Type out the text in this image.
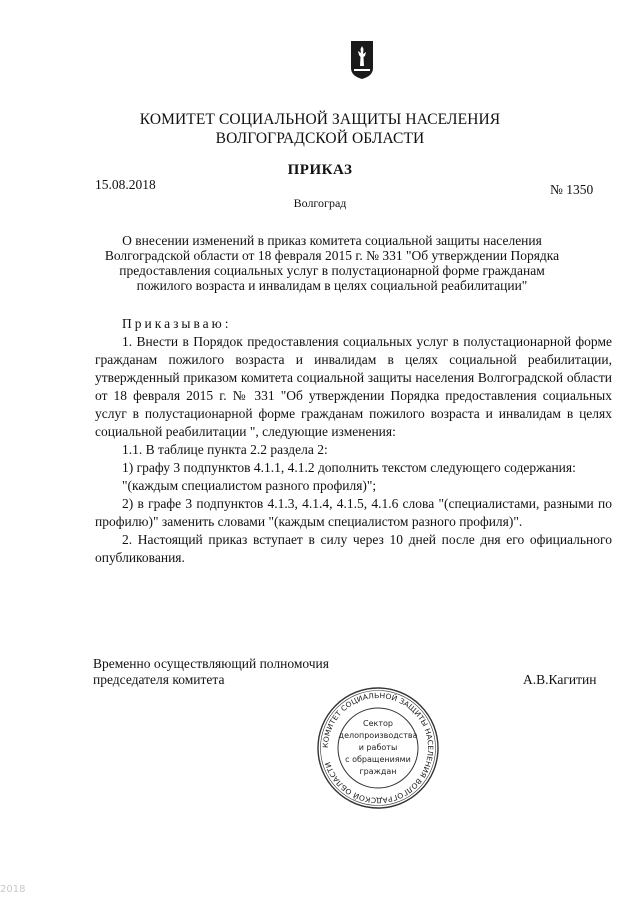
КОМИТЕТ СОЦИАЛЬНОЙ ЗАЩИТЫ НАСЕЛЕНИЯ
ВОЛГОГРАДСКОЙ ОБЛАСТИ
ПРИКАЗ
15.08.2018	№ 1350
Волгоград
О внесении изменений в приказ комитета социальной защиты населения
Волгоградской области от 18 февраля 2015 г. № 331 "Об утверждении Порядка
предоставления социальных услуг в полустационарной форме гражданам
пожилого возраста и инвалидам в целях социальной реабилитации"

Приказываю:

1. Внести в Порядок предоставления социальных услуг в полустационарной форме гражданам пожилого возраста и инвалидам в целях социальной реабилитации, утвержденный приказом комитета социальной защиты населения Волгоградской области от 18 февраля 2015 г. № 331 "Об утверждении Порядка предоставления социальных услуг в полустационарной форме гражданам пожилого возраста и инвалидам в целях социальной реабилитации ", следующие изменения:

1.1. В таблице пункта 2.2 раздела 2:

1) графу 3 подпунктов 4.1.1, 4.1.2 дополнить текстом следующего содержания:

"(каждым специалистом разного профиля)";

2) в графе 3 подпунктов 4.1.3, 4.1.4, 4.1.5, 4.1.6 слова "(специалистами, разными по профилю)" заменить словами "(каждым специалистом разного профиля)".

2. Настоящий приказ вступает в силу через 10 дней после дня его официального опубликования.

Временно осуществляющий полномочия
председателя комитета	А.В.Кагитин
КОМИТЕТ СОЦИАЛЬНОЙ ЗАЩИТЫ НАСЕЛЕНИЯ ВОЛГОГРАДСКОЙ ОБЛАСТИ
Сектор
делопроизводства
и работы
с обращениями
граждан
2018
